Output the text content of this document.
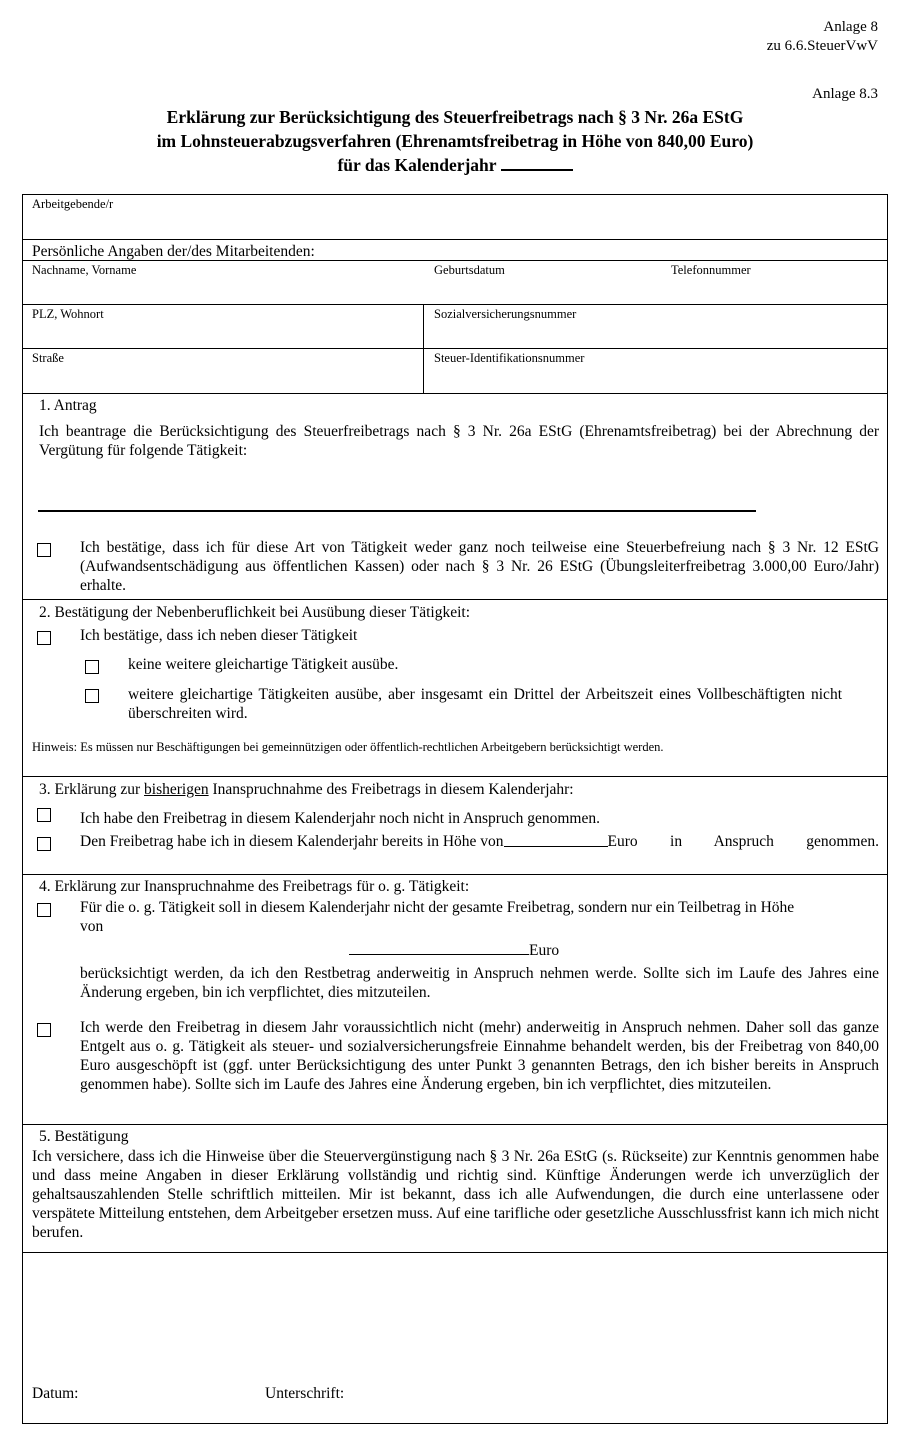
Anlage 8
zu 6.6.SteuerVwV
Anlage 8.3
Erklärung zur Berücksichtigung des Steuerfreibetrags nach § 3 Nr. 26a EStG
im Lohnsteuerabzugsverfahren (Ehrenamtsfreibetrag in Höhe von 840,00 Euro)
für das Kalenderjahr
Arbeitgebende/r
Persönliche Angaben der/des Mitarbeitenden:
Nachname, Vorname	Geburtsdatum	Telefonnummer
PLZ, Wohnort	Sozialversicherungsnummer
Straße	Steuer-Identifikationsnummer
1. Antrag
Ich beantrage die Berücksichtigung des Steuerfreibetrags nach § 3 Nr. 26a EStG (Ehrenamtsfreibetrag) bei der Abrechnung der Vergütung für folgende Tätigkeit:
Ich bestätige, dass ich für diese Art von Tätigkeit weder ganz noch teilweise eine Steuerbefreiung nach § 3 Nr. 12 EStG (Aufwandsentschädigung aus öffentlichen Kassen) oder nach § 3 Nr. 26 EStG (Übungsleiterfreibetrag 3.000,00 Euro/Jahr) erhalte.
2. Bestätigung der Nebenberuflichkeit bei Ausübung dieser Tätigkeit:
Ich bestätige, dass ich neben dieser Tätigkeit
keine weitere gleichartige Tätigkeit ausübe.
weitere gleichartige Tätigkeiten ausübe, aber insgesamt ein Drittel der Arbeitszeit eines Vollbeschäftigten nicht überschreiten wird.
Hinweis: Es müssen nur Beschäftigungen bei gemeinnützigen oder öffentlich-rechtlichen Arbeitgebern berücksichtigt werden.
3. Erklärung zur bisherigen Inanspruchnahme des Freibetrags in diesem Kalenderjahr:
Ich habe den Freibetrag in diesem Kalenderjahr noch nicht in Anspruch genommen.
Den Freibetrag habe ich in diesem Kalenderjahr bereits in Höhe von	Euro in Anspruch genommen.
4. Erklärung zur Inanspruchnahme des Freibetrags für o. g. Tätigkeit:
Für die o. g. Tätigkeit soll in diesem Kalenderjahr nicht der gesamte Freibetrag, sondern nur ein Teilbetrag in Höhe von
Euro
berücksichtigt werden, da ich den Restbetrag anderweitig in Anspruch nehmen werde. Sollte sich im Laufe des Jahres eine Änderung ergeben, bin ich verpflichtet, dies mitzuteilen.
Ich werde den Freibetrag in diesem Jahr voraussichtlich nicht (mehr) anderweitig in Anspruch nehmen. Daher soll das ganze Entgelt aus o. g. Tätigkeit als steuer- und sozialversicherungsfreie Einnahme behandelt werden, bis der Freibetrag von 840,00 Euro ausgeschöpft ist (ggf. unter Berücksichtigung des unter Punkt 3 genannten Betrags, den ich bisher bereits in Anspruch genommen habe). Sollte sich im Laufe des Jahres eine Änderung ergeben, bin ich verpflichtet, dies mitzuteilen.
5. Bestätigung
Ich versichere, dass ich die Hinweise über die Steuervergünstigung nach § 3 Nr. 26a EStG (s. Rückseite) zur Kenntnis genommen habe und dass meine Angaben in dieser Erklärung vollständig und richtig sind. Künftige Änderungen werde ich unverzüglich der gehaltsauszahlenden Stelle schriftlich mitteilen. Mir ist bekannt, dass ich alle Aufwendungen, die durch eine unterlassene oder verspätete Mitteilung entstehen, dem Arbeitgeber ersetzen muss. Auf eine tarifliche oder gesetzliche Ausschlussfrist kann ich mich nicht berufen.
Datum:	Unterschrift:
